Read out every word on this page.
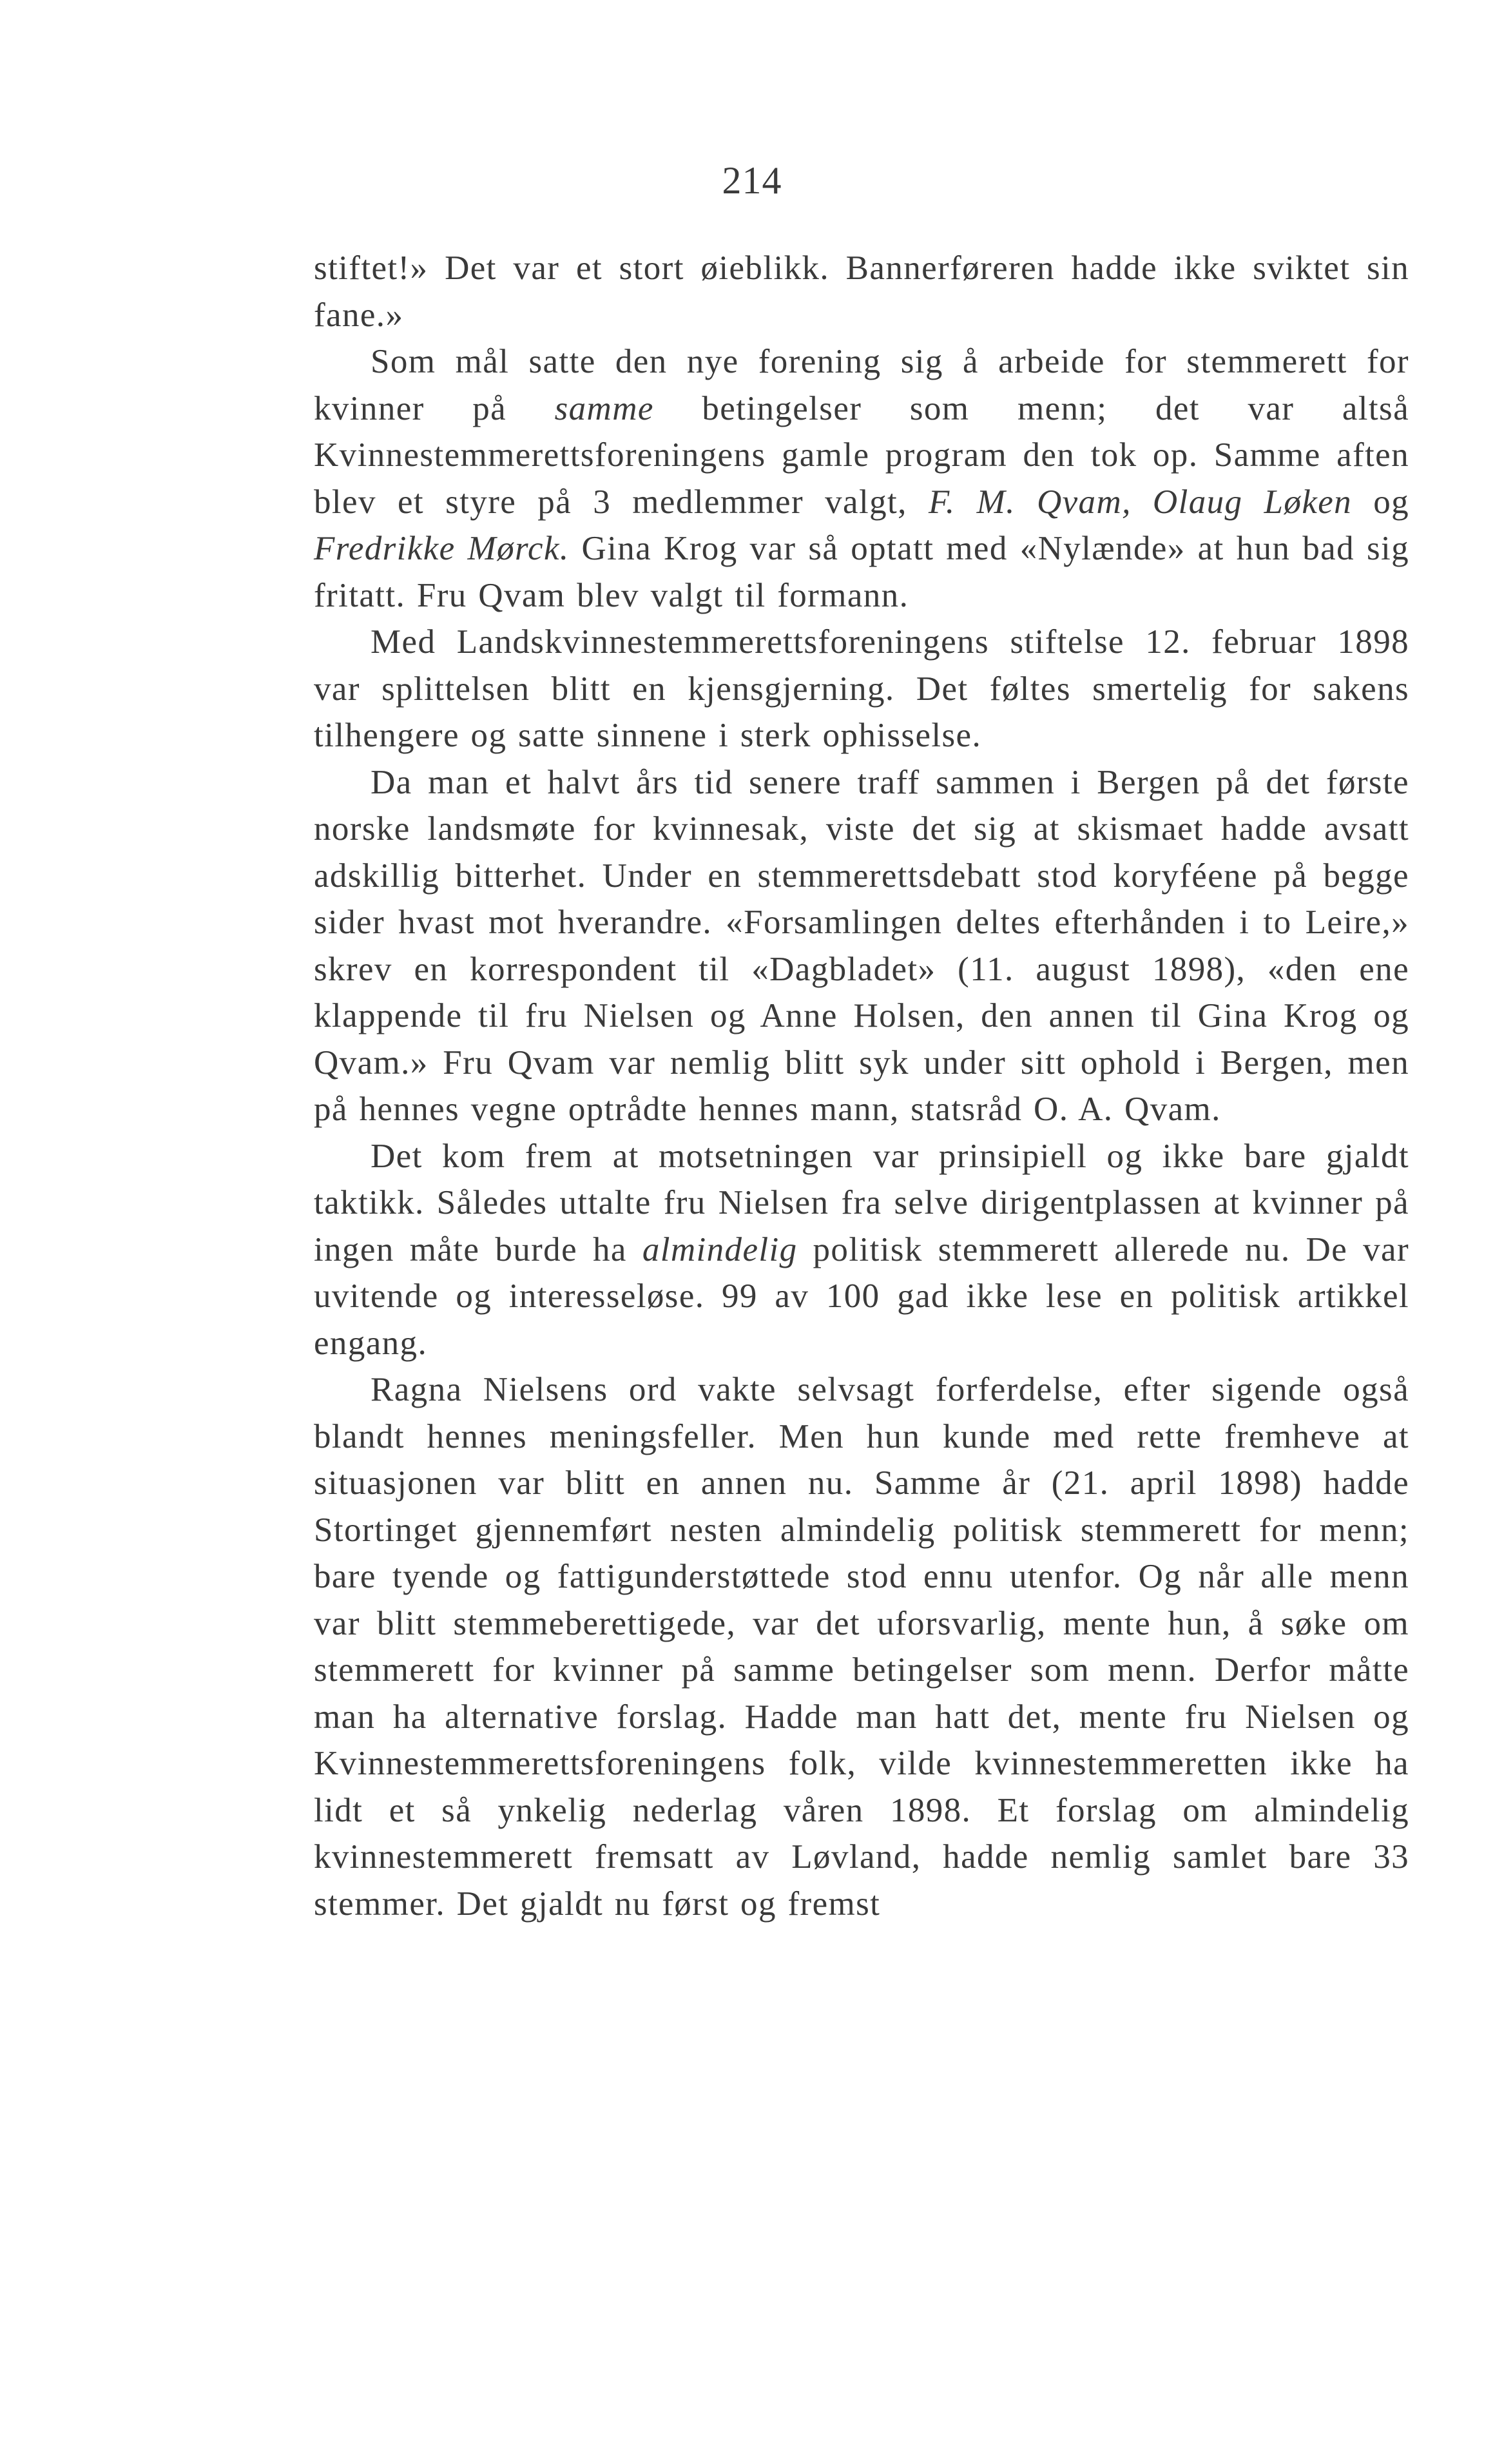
214

stiftet!» Det var et stort øieblikk. Bannerføreren hadde ikke sviktet sin fane.»

Som mål satte den nye forening sig å arbeide for stemmerett for kvinner på samme betingelser som menn; det var altså Kvinnestemmerettsforeningens gamle program den tok op. Samme aften blev et styre på 3 medlemmer valgt, F. M. Qvam, Olaug Løken og Fredrikke Mørck. Gina Krog var så optatt med «Nylænde» at hun bad sig fritatt. Fru Qvam blev valgt til formann.

Med Landskvinnestemmerettsforeningens stiftelse 12. februar 1898 var splittelsen blitt en kjensgjerning. Det føltes smertelig for sakens tilhengere og satte sinnene i sterk ophisselse.

Da man et halvt års tid senere traff sammen i Bergen på det første norske landsmøte for kvinnesak, viste det sig at skismaet hadde avsatt adskillig bitterhet. Under en stemmerettsdebatt stod koryféene på begge sider hvast mot hverandre. «Forsamlingen deltes efterhånden i to Leire,» skrev en korrespondent til «Dagbladet» (11. august 1898), «den ene klappende til fru Nielsen og Anne Holsen, den annen til Gina Krog og Qvam.» Fru Qvam var nemlig blitt syk under sitt ophold i Bergen, men på hennes vegne optrådte hennes mann, statsråd O. A. Qvam.

Det kom frem at motsetningen var prinsipiell og ikke bare gjaldt taktikk. Således uttalte fru Nielsen fra selve dirigentplassen at kvinner på ingen måte burde ha almindelig politisk stemmerett allerede nu. De var uvitende og interesseløse. 99 av 100 gad ikke lese en politisk artikkel engang.

Ragna Nielsens ord vakte selvsagt forferdelse, efter sigende også blandt hennes meningsfeller. Men hun kunde med rette fremheve at situasjonen var blitt en annen nu. Samme år (21. april 1898) hadde Stortinget gjennemført nesten almindelig politisk stemmerett for menn; bare tyende og fattigunderstøttede stod ennu utenfor. Og når alle menn var blitt stemmeberettigede, var det uforsvarlig, mente hun, å søke om stemmerett for kvinner på samme betingelser som menn. Derfor måtte man ha alternative forslag. Hadde man hatt det, mente fru Nielsen og Kvinnestemmerettsforeningens folk, vilde kvinnestemmeretten ikke ha lidt et så ynkelig nederlag våren 1898. Et forslag om almindelig kvinnestemmerett fremsatt av Løvland, hadde nemlig samlet bare 33 stemmer. Det gjaldt nu først og fremst
